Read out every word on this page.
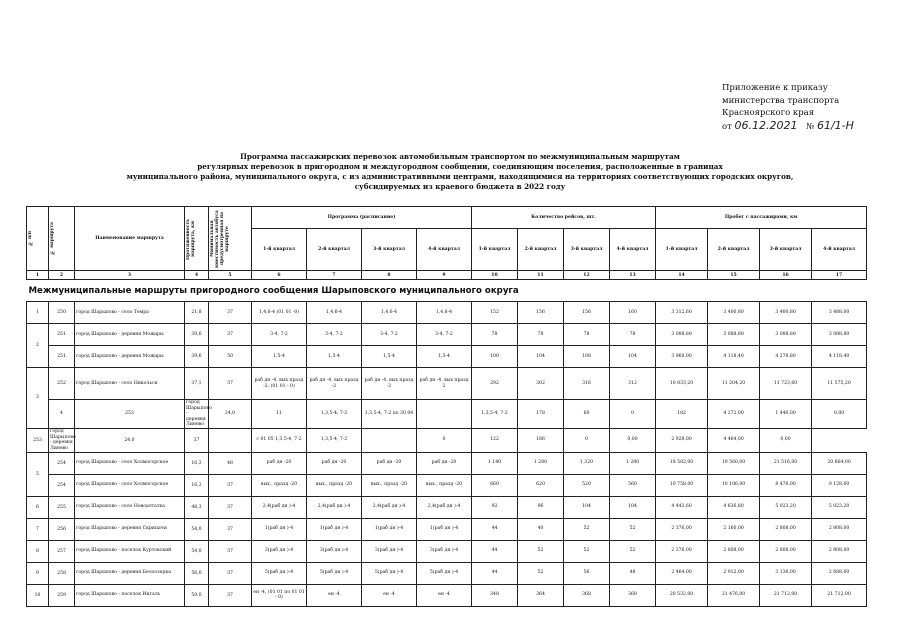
Приложение к приказу
министерства транспорта
Красноярского края
от 06.12.2021 № 61/1-Н
Программа пассажирских перевозок автомобильным транспортом по межмуниципальным маршрутам
регулярных перевозок в пригородном и междугородном сообщении, соединяющим поселения, расположенные в границах
муниципального района, муниципального округа, с из административными центрами, находящимися на территориях соответствующих городских округов,
субсидируемых из краевого бюджета в 2022 году
№ п/п	№ маршрута	Наименование маршрута	Протяженность маршрута, км	Минимальная вместимость автобуса предусмотренная на маршруте	Программа (расписание)				Количество рейсов, шт.				Пробег с пассажирами, км				
					1-й квартал	2-й квартал	3-й квартал	4-й квартал	1-й квартал	2-й квартал	3-й квартал	4-й квартал	1-й квартал	2-й квартал	3-й квартал	4-й квартал	
1	2	3	4	5	6	7	8	9	10	11	12	13	14	15	16	17	
Межмуниципальные маршруты пригородного сообщения Шарыповского муниципального округа																	
1	250	город Шарыпово - село Темра	21,8	37	1,4,6-4 (01 01 -0)	1,4,6-4	1,4,6-4	1,4,6-4	152	156	156	160	3 312,60	3 400,80	3 400,80	3 488,00	
2	251	город Шарыпово - деревня Можары	39,6	37	3-4, 7-2	3-4, 7-2	3-4, 7-2	3-4, 7-2	78	78	78	78	3 088,80	3 088,80	3 088,80	3 088,80	
	251	город Шарыпово - деревня Можары	39,6	50	1,5-4	1,5-4	1,5-4	1,5-4	100	104	108	104	3 960,00	4 118,40	4 276,80	4 118,40	
3	252	город Шарыпово - село Никольск	37,1	37	раб дн -4, вых празд -2, (01 01 - 0)	раб дн -4, вых празд -2	раб дн -4, вых празд -2	раб дн -4, вых празд 2	292	302	316	312	10 833,20	11 204,20	11 723,60	11 575,20	
	4	253	город Шарыпово - деревня Линево	24,0	11	1,3,5-4, 7-2	1,3,5-4, 7-2 по 30 04		1,3,5-4, 7-2	178	60	0	182	4 272,00	1 440,00	0,00	
253	город Шарыпово - деревня Линево	24,0	37		с 01 05 1,3,5-4, 7-2	1,3,5-4, 7-2		0	122	186	0	0,00	2 928,00	4 464,00	0,00		
5	254	город Шарыпово - село Холмогорское	16,3	48	раб дн -20	раб дн -20	раб дн -20	раб дн -20	1 140	1 200	1 320	1 280	18 582,00	19 560,00	21 516,00	20 864,00	
	254	город Шарыпово - село Холмогорское	16,3	37	вых., празд -20	вых., празд -20	вых., празд -20	вых., празд -20	660	620	520	560	10 758,00	10 106,00	8 476,00	9 128,00	
6	255	город Шарыпово - село Новоалтатка	48,3	37	2,4(раб дн )-4	2,4(раб дн )-4	2,4(раб дн )-4	2,4(раб дн )-4	92	96	104	104	4 443,60	4 636,80	5 023,20	5 023,20	
7	256	город Шарыпово - деревня Скрипачи	54,0	37	1(раб дн )-4	1(раб дн )-4	1(раб дн )-4	1(раб дн )-4	44	40	52	52	2 376,00	2 160,00	2 808,00	2 808,00	
8	257	город Шарыпово - поселок Куртовский	54,0	37	3(раб дн )-4	3(раб дн )-4	3(раб дн )-4	3(раб дн )-4	44	52	52	52	2 376,00	2 808,00	2 808,00	2 808,00	
9	258	город Шарыпово - деревня Белоозерка	56,0	37	5(раб дн )-4	5(раб дн )-4	5(раб дн )-4	5(раб дн )-4	44	52	56	48	2 464,00	2 912,00	3 136,00	2 688,00	
10	259	город Шарыпово - поселок Ингаль	59,0	37	ен -4, (01 01 по 01 01 - 0)	ен -4	ен -4	ен -4	348	364	368	368	20 532,00	21 476,00	21 712,00	21 712,00	
